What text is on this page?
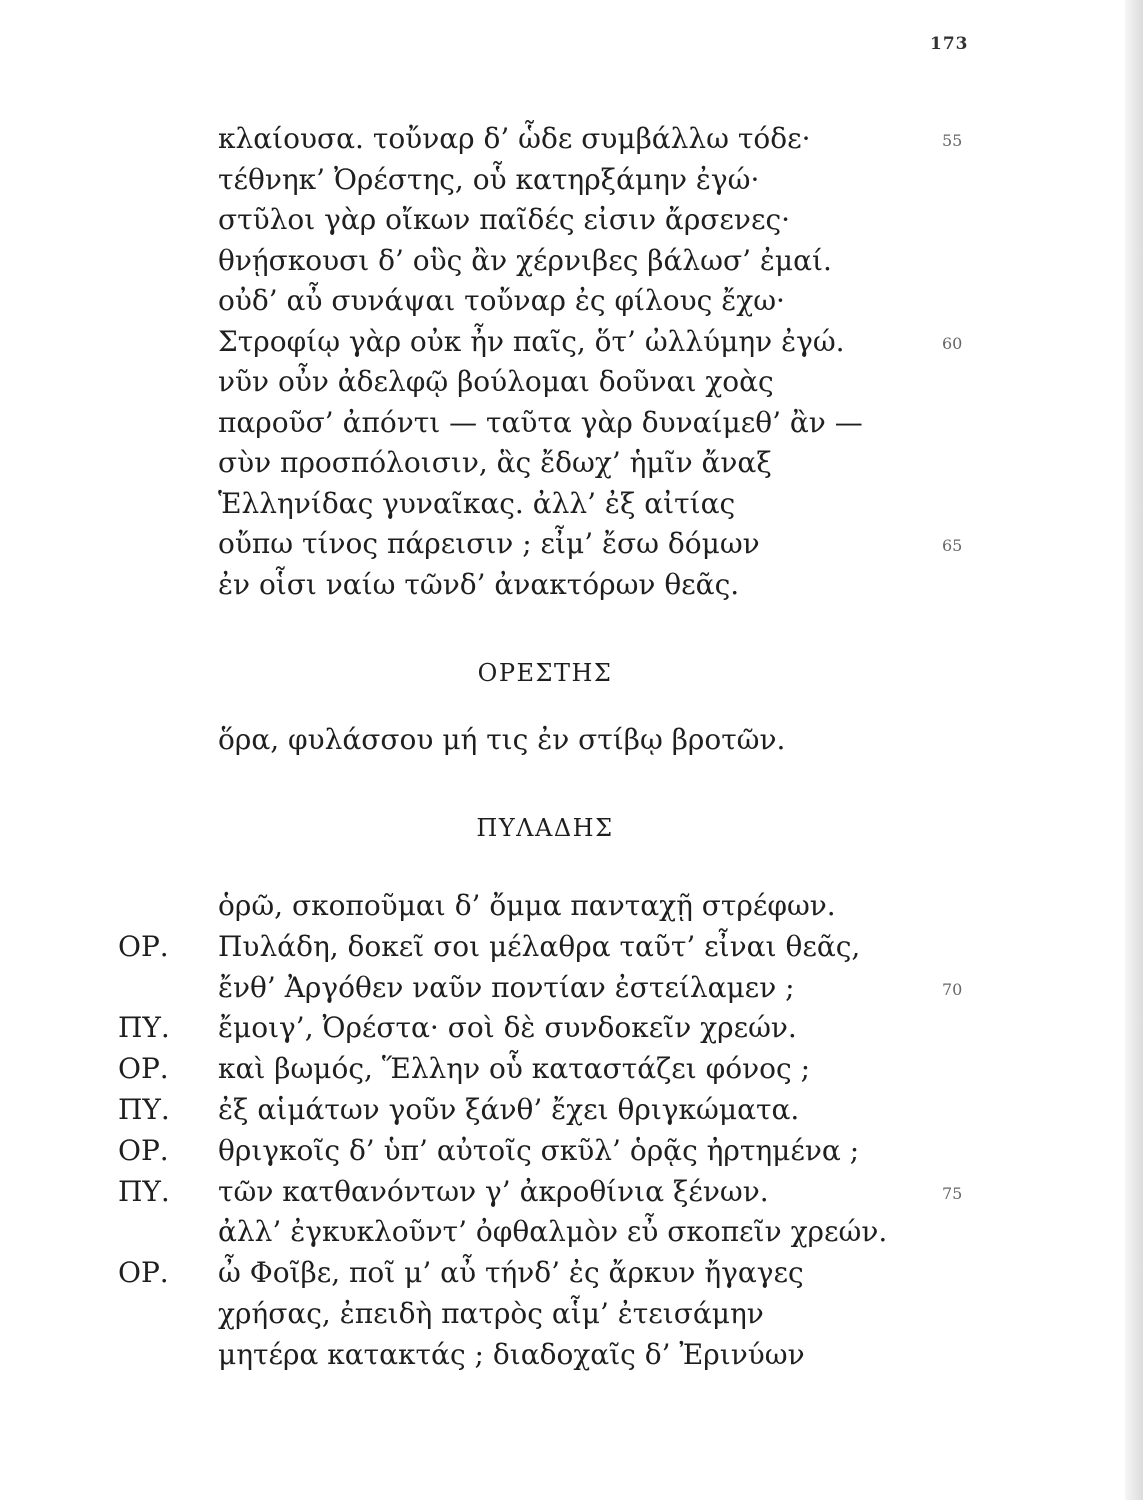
173
κλαίουσα. τοὔναρ δ’ ὧδε συμβάλλω τόδε·	55
τέθνηκ’ Ὀρέστης, οὗ κατηρξάμην ἐγώ·
στῦλοι γὰρ οἴκων παῖδές εἰσιν ἄρσενες·
θνῄσκουσι δ’ οὓς ἂν χέρνιβες βάλωσ’ ἐμαί.
οὐδ’ αὖ συνάψαι τοὔναρ ἐς φίλους ἔχω·
Στροφίῳ γὰρ οὐκ ἦν παῖς, ὅτ’ ὠλλύμην ἐγώ.	60
νῦν οὖν ἀδελφῷ βούλομαι δοῦναι χοὰς
παροῦσ’ ἀπόντι — ταῦτα γὰρ δυναίμεθ’ ἂν —
σὺν προσπόλοισιν, ἃς ἔδωχ’ ἡμῖν ἄναξ
Ἑλληνίδας γυναῖκας. ἀλλ’ ἐξ αἰτίας
οὔπω τίνος πάρεισιν ; εἶμ’ ἔσω δόμων	65
ἐν οἷσι ναίω τῶνδ’ ἀνακτόρων θεᾶς.
ΟΡΕΣΤΗΣ
ὅρα, φυλάσσου μή τις ἐν στίβῳ βροτῶν.
ΠΥΛΑΔΗΣ
ὁρῶ, σκοποῦμαι δ’ ὄμμα πανταχῇ στρέφων.
ΟΡ. Πυλάδη, δοκεῖ σοι μέλαθρα ταῦτ’ εἶναι θεᾶς,
ἔνθ’ Ἀργόθεν ναῦν ποντίαν ἐστείλαμεν ;	70
ΠΥ. ἔμοιγ’, Ὀρέστα· σοὶ δὲ συνδοκεῖν χρεών.
ΟΡ. καὶ βωμός, Ἕλλην οὗ καταστάζει φόνος ;
ΠΥ. ἐξ αἱμάτων γοῦν ξάνθ’ ἔχει θριγκώματα.
ΟΡ. θριγκοῖς δ’ ὑπ’ αὐτοῖς σκῦλ’ ὁρᾷς ἠρτημένα ;
ΠΥ. τῶν κατθανόντων γ’ ἀκροθίνια ξένων.	75
ἀλλ’ ἐγκυκλοῦντ’ ὀφθαλμὸν εὖ σκοπεῖν χρεών.
ΟΡ. ὦ Φοῖβε, ποῖ μ’ αὖ τήνδ’ ἐς ἄρκυν ἤγαγες
χρήσας, ἐπειδὴ πατρὸς αἷμ’ ἐτεισάμην
μητέρα κατακτάς ; διαδοχαῖς δ’ Ἐρινύων
